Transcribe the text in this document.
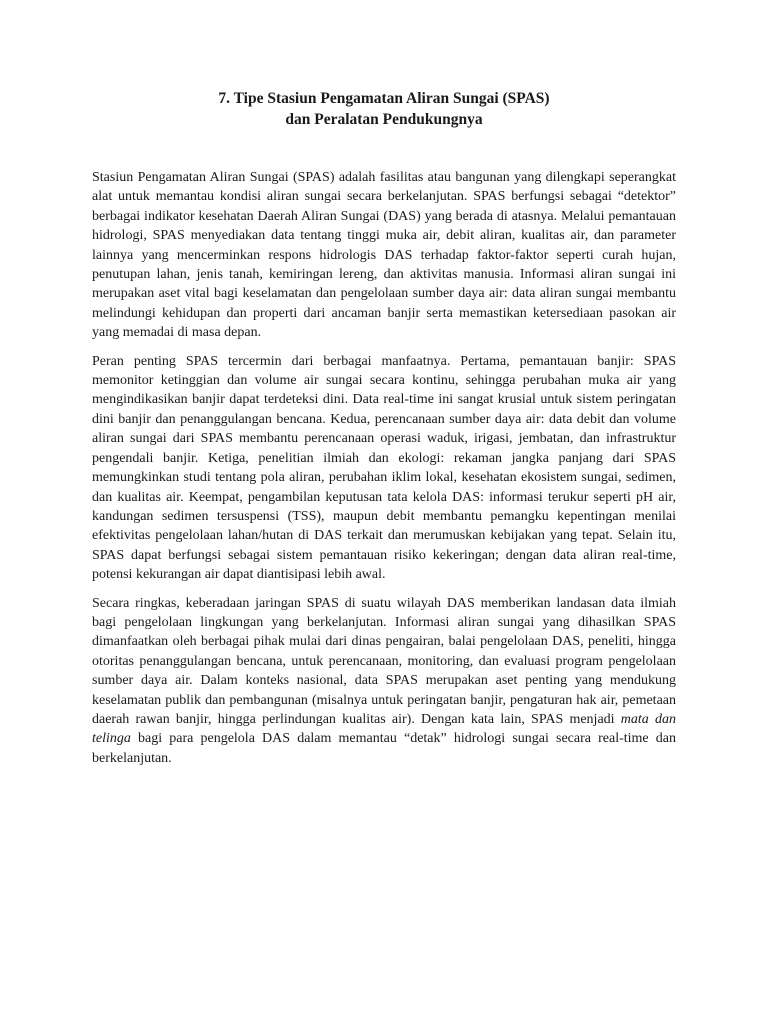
7. Tipe Stasiun Pengamatan Aliran Sungai (SPAS)
dan Peralatan Pendukungnya

Stasiun Pengamatan Aliran Sungai (SPAS) adalah fasilitas atau bangunan yang dilengkapi seperangkat alat untuk memantau kondisi aliran sungai secara berkelanjutan. SPAS berfungsi sebagai “detektor” berbagai indikator kesehatan Daerah Aliran Sungai (DAS) yang berada di atasnya. Melalui pemantauan hidrologi, SPAS menyediakan data tentang tinggi muka air, debit aliran, kualitas air, dan parameter lainnya yang mencerminkan respons hidrologis DAS terhadap faktor-faktor seperti curah hujan, penutupan lahan, jenis tanah, kemiringan lereng, dan aktivitas manusia. Informasi aliran sungai ini merupakan aset vital bagi keselamatan dan pengelolaan sumber daya air: data aliran sungai membantu melindungi kehidupan dan properti dari ancaman banjir serta memastikan ketersediaan pasokan air yang memadai di masa depan.

Peran penting SPAS tercermin dari berbagai manfaatnya. Pertama, pemantauan banjir: SPAS memonitor ketinggian dan volume air sungai secara kontinu, sehingga perubahan muka air yang mengindikasikan banjir dapat terdeteksi dini. Data real-time ini sangat krusial untuk sistem peringatan dini banjir dan penanggulangan bencana. Kedua, perencanaan sumber daya air: data debit dan volume aliran sungai dari SPAS membantu perencanaan operasi waduk, irigasi, jembatan, dan infrastruktur pengendali banjir. Ketiga, penelitian ilmiah dan ekologi: rekaman jangka panjang dari SPAS memungkinkan studi tentang pola aliran, perubahan iklim lokal, kesehatan ekosistem sungai, sedimen, dan kualitas air. Keempat, pengambilan keputusan tata kelola DAS: informasi terukur seperti pH air, kandungan sedimen tersuspensi (TSS), maupun debit membantu pemangku kepentingan menilai efektivitas pengelolaan lahan/hutan di DAS terkait dan merumuskan kebijakan yang tepat. Selain itu, SPAS dapat berfungsi sebagai sistem pemantauan risiko kekeringan; dengan data aliran real-time, potensi kekurangan air dapat diantisipasi lebih awal.

Secara ringkas, keberadaan jaringan SPAS di suatu wilayah DAS memberikan landasan data ilmiah bagi pengelolaan lingkungan yang berkelanjutan. Informasi aliran sungai yang dihasilkan SPAS dimanfaatkan oleh berbagai pihak mulai dari dinas pengairan, balai pengelolaan DAS, peneliti, hingga otoritas penanggulangan bencana, untuk perencanaan, monitoring, dan evaluasi program pengelolaan sumber daya air. Dalam konteks nasional, data SPAS merupakan aset penting yang mendukung keselamatan publik dan pembangunan (misalnya untuk peringatan banjir, pengaturan hak air, pemetaan daerah rawan banjir, hingga perlindungan kualitas air). Dengan kata lain, SPAS menjadi mata dan telinga bagi para pengelola DAS dalam memantau “detak” hidrologi sungai secara real-time dan berkelanjutan.
